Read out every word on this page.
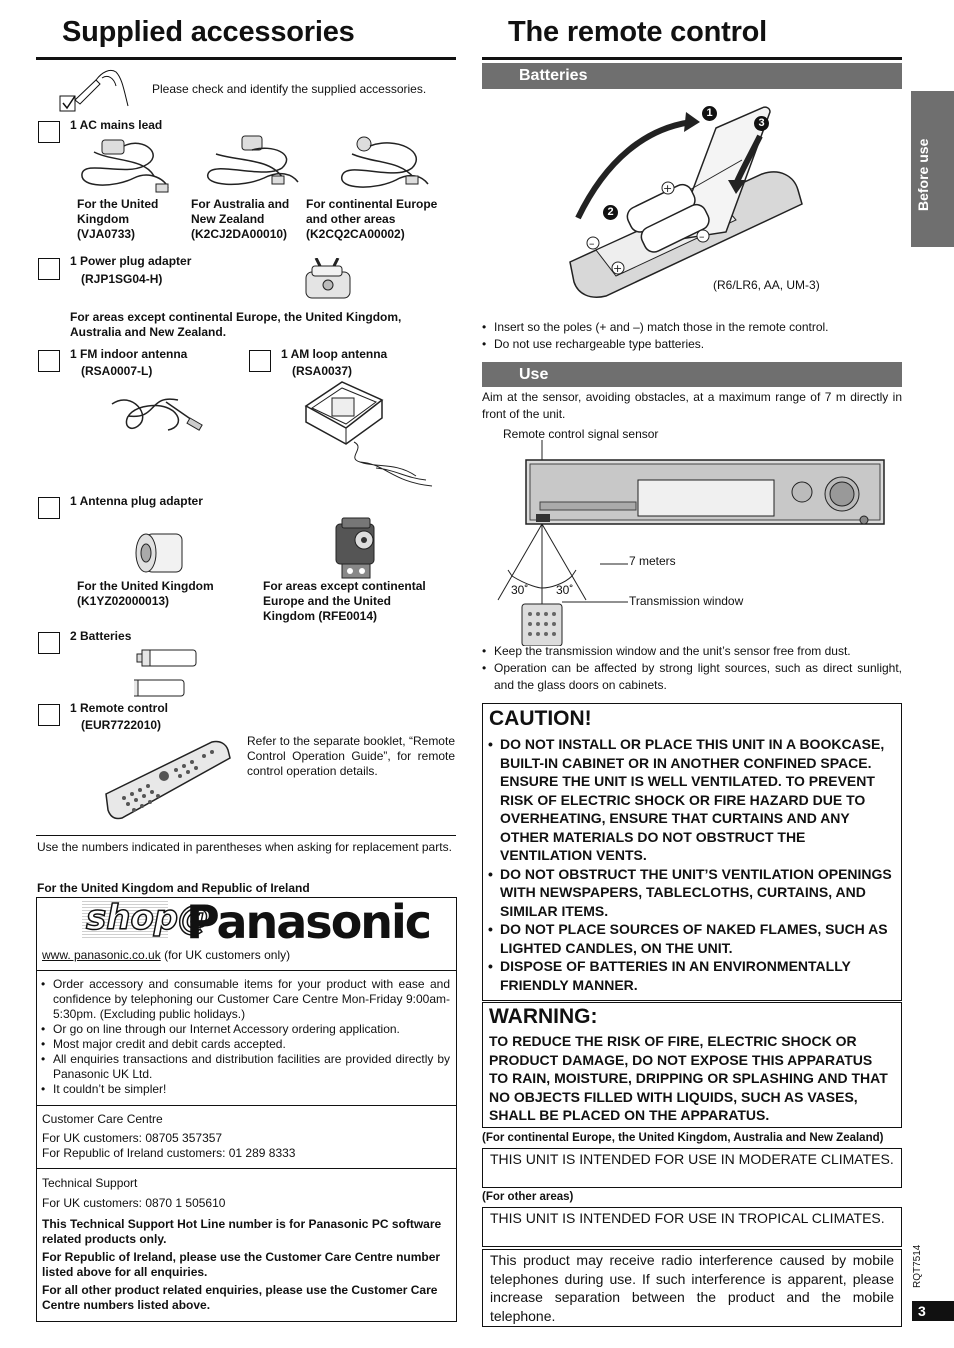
Supplied accessories
Please check and identify the supplied accessories.
1 AC mains lead
For the United
Kingdom
(VJA0733)
For Australia and
New Zealand
(K2CJ2DA00010)
For continental Europe
and other areas
(K2CQ2CA00002)
1 Power plug adapter
(RJP1SG04-H)
For areas except continental Europe, the United Kingdom, Australia and New Zealand.
1 FM indoor antenna
(RSA0007-L)
1 AM loop antenna
(RSA0037)
1 Antenna plug adapter
For the United Kingdom
(K1YZ02000013)
For areas except continental
Europe and the United
Kingdom (RFE0014)
2 Batteries
1 Remote control
(EUR7722010)
Refer to the separate booklet, “Remote Control Operation Guide”, for remote control operation details.
Use the numbers indicated in parentheses when asking for replacement parts.
For the United Kingdom and Republic of Ireland
shop@
Panasonic
www. panasonic.co.uk (for UK customers only)
• Order accessory and consumable items for your product with ease and confidence by telephoning our Customer Care Centre Mon-Friday 9:00am- 5:30pm. (Excluding public holidays.)
• Or go on line through our Internet Accessory ordering application.
• Most major credit and debit cards accepted.
• All enquiries transactions and distribution facilities are provided directly by Panasonic UK Ltd.
• It couldn’t be simpler!
Customer Care Centre
For UK customers: 08705 357357
For Republic of Ireland customers: 01 289 8333
Technical Support
For UK customers: 0870 1 505610
This Technical Support Hot Line number is for Panasonic PC software related products only.
For Republic of Ireland, please use the Customer Care Centre number listed above for all enquiries.
For all other product related enquiries, please use the Customer Care Centre numbers listed above.
The remote control
Batteries
–
+
+
–
1
2
3
(R6/LR6, AA, UM-3)
• Insert so the poles (+ and –) match those in the remote control.
• Do not use rechargeable type batteries.
Use
Aim at the sensor, avoiding obstacles, at a maximum range of 7 m directly in front of the unit.
Remote control signal sensor
7 meters
30˚ 30˚
Transmission window
• Keep the transmission window and the unit’s sensor free from dust.
• Operation can be affected by strong light sources, such as direct sunlight, and the glass doors on cabinets.
CAUTION!
• DO NOT INSTALL OR PLACE THIS UNIT IN A BOOKCASE, BUILT-IN CABINET OR IN ANOTHER CONFINED SPACE. ENSURE THE UNIT IS WELL VENTILATED. TO PREVENT RISK OF ELECTRIC SHOCK OR FIRE HAZARD DUE TO OVERHEATING, ENSURE THAT CURTAINS AND ANY OTHER MATERIALS DO NOT OBSTRUCT THE VENTILATION VENTS.
• DO NOT OBSTRUCT THE UNIT’S VENTILATION OPENINGS WITH NEWSPAPERS, TABLECLOTHS, CURTAINS, AND SIMILAR ITEMS.
• DO NOT PLACE SOURCES OF NAKED FLAMES, SUCH AS LIGHTED CANDLES, ON THE UNIT.
• DISPOSE OF BATTERIES IN AN ENVIRONMENTALLY FRIENDLY MANNER.
WARNING:
TO REDUCE THE RISK OF FIRE, ELECTRIC SHOCK OR PRODUCT DAMAGE, DO NOT EXPOSE THIS APPARATUS TO RAIN, MOISTURE, DRIPPING OR SPLASHING AND THAT NO OBJECTS FILLED WITH LIQUIDS, SUCH AS VASES, SHALL BE PLACED ON THE APPARATUS.
(For continental Europe, the United Kingdom, Australia and New Zealand)
THIS UNIT IS INTENDED FOR USE IN MODERATE CLIMATES.
(For other areas)
THIS UNIT IS INTENDED FOR USE IN TROPICAL CLIMATES.
This product may receive radio interference caused by mobile telephones during use. If such interference is apparent, please increase separation between the product and the mobile telephone.
Before use
RQT7514
3
